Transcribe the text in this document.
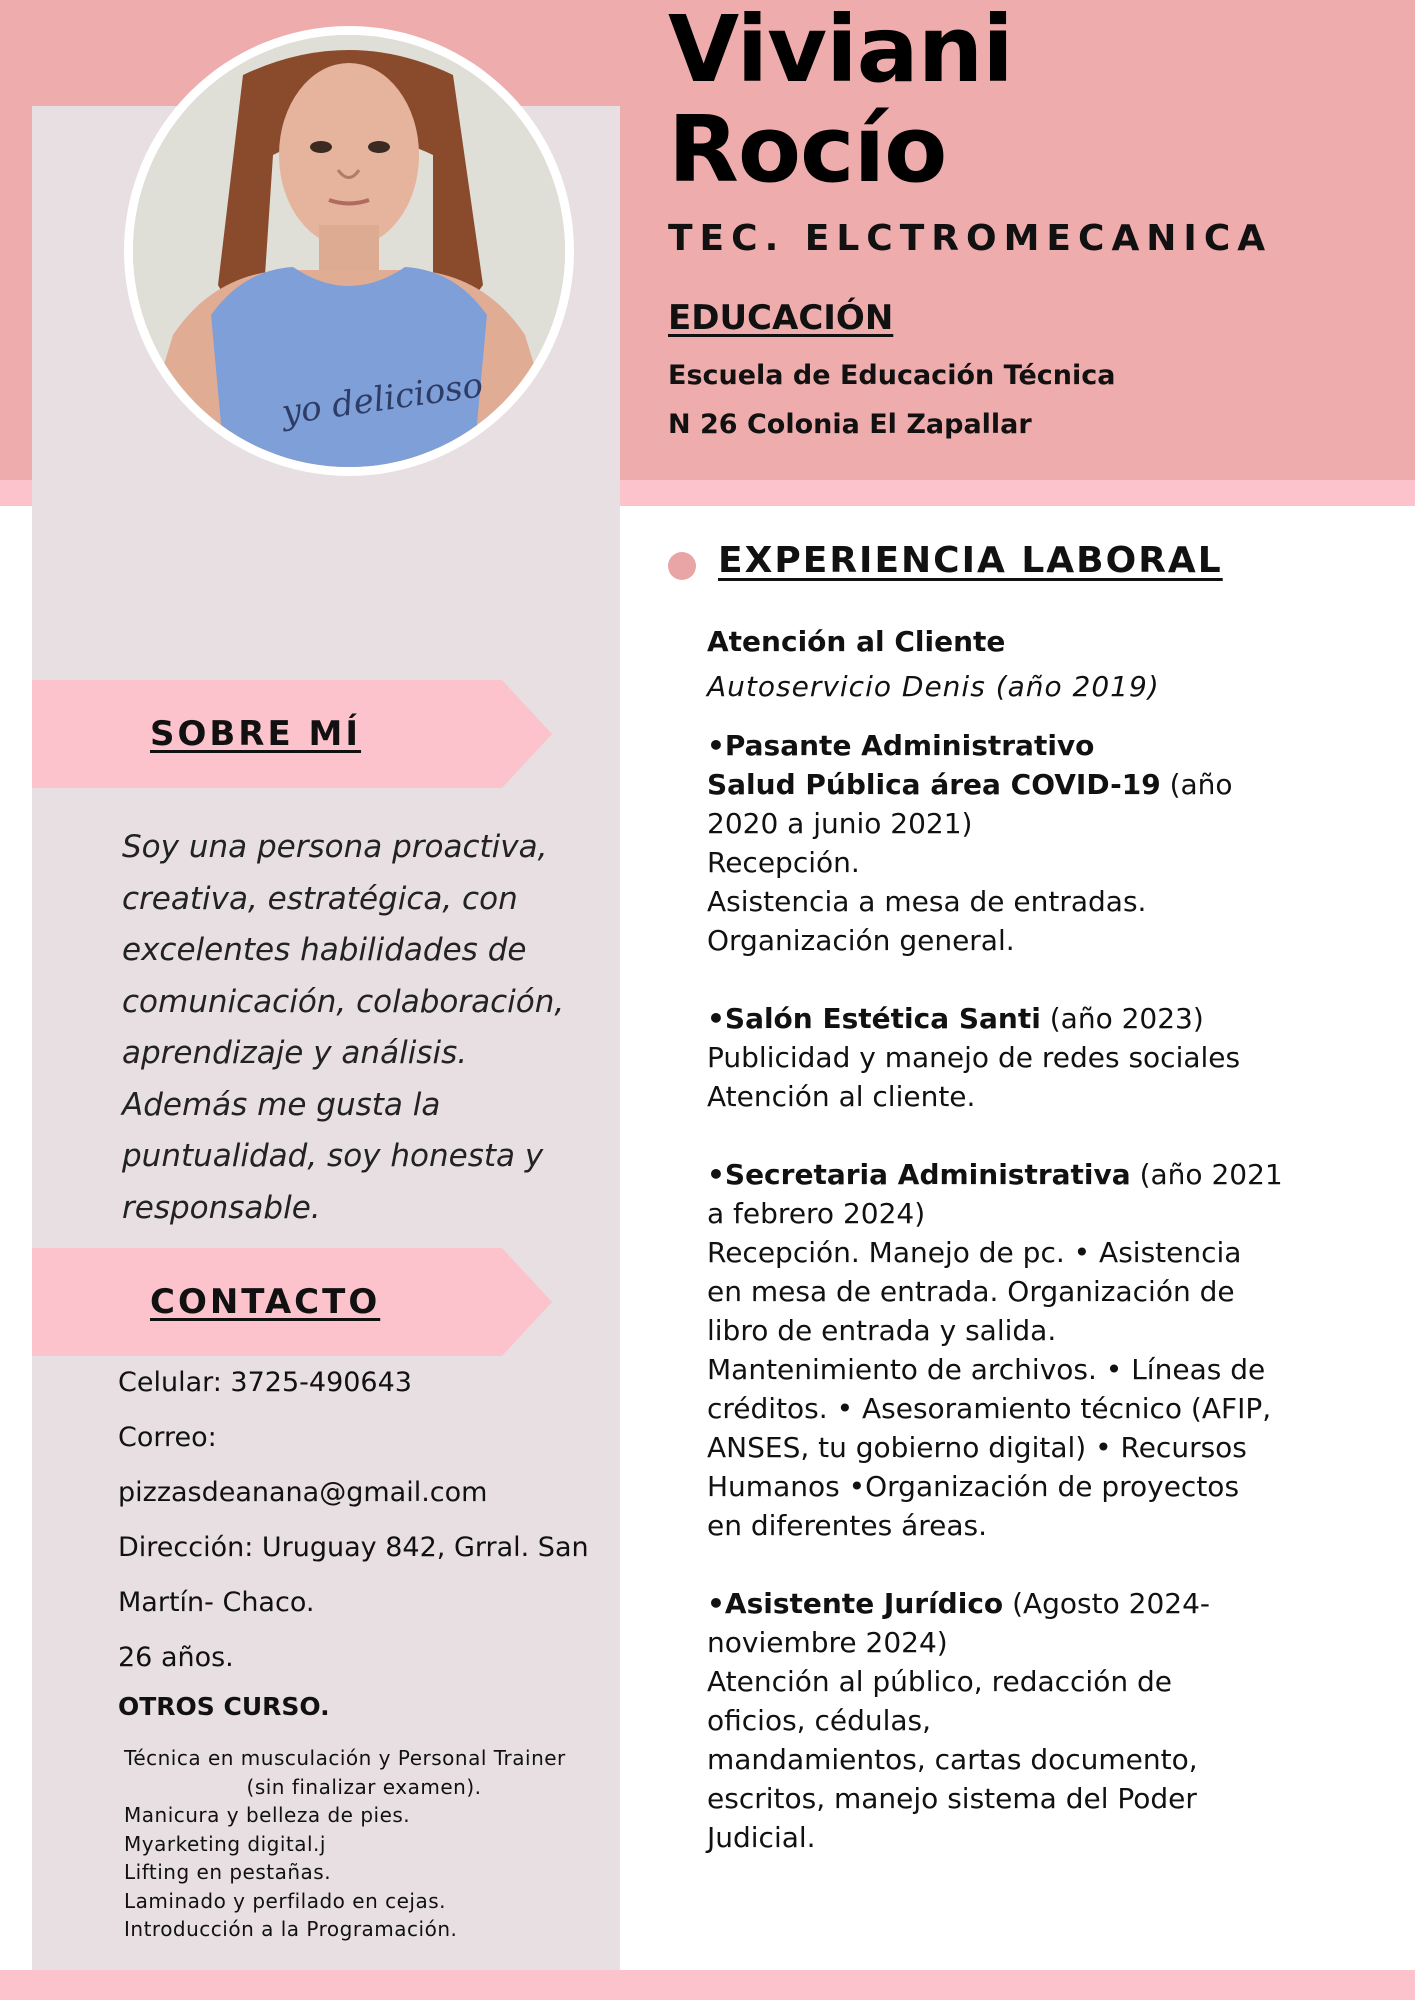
yo delicioso
Viviani
Rocío
TEC. ELCTROMECANICA
EDUCACIÓN
Escuela de Educación Técnica
N 26 Colonia El Zapallar
SOBRE MÍ
Soy una persona proactiva,
creativa, estratégica, con
excelentes habilidades de
comunicación, colaboración,
aprendizaje y análisis.
Además me gusta la
puntualidad, soy honesta y
responsable.
CONTACTO
Celular: 3725-490643
Correo:
pizzasdeanana@gmail.com
Dirección: Uruguay 842, Grral. San
Martín- Chaco.
26 años.
OTROS CURSO.
Técnica en musculación y Personal Trainer
(sin finalizar examen).
Manicura y belleza de pies.
Myarketing digital.j
Lifting en pestañas.
Laminado y perfilado en cejas.
Introducción a la Programación.
EXPERIENCIA LABORAL

Atención al Cliente

Autoservicio Denis (año 2019)

•Pasante Administrativo

Salud Pública área COVID-19 (año

2020 a junio 2021)

Recepción.

Asistencia a mesa de entradas.

Organización general.

•Salón Estética Santi (año 2023)

Publicidad y manejo de redes sociales

Atención al cliente.

•Secretaria Administrativa (año 2021

a febrero 2024)

Recepción. Manejo de pc. • Asistencia

en mesa de entrada. Organización de

libro de entrada y salida.

Mantenimiento de archivos. • Líneas de

créditos. • Asesoramiento técnico (AFIP,

ANSES, tu gobierno digital) • Recursos

Humanos •Organización de proyectos

en diferentes áreas.

•Asistente Jurídico (Agosto 2024-

noviembre 2024)

Atención al público, redacción de

oficios, cédulas,

mandamientos, cartas documento,

escritos, manejo sistema del Poder

Judicial.
